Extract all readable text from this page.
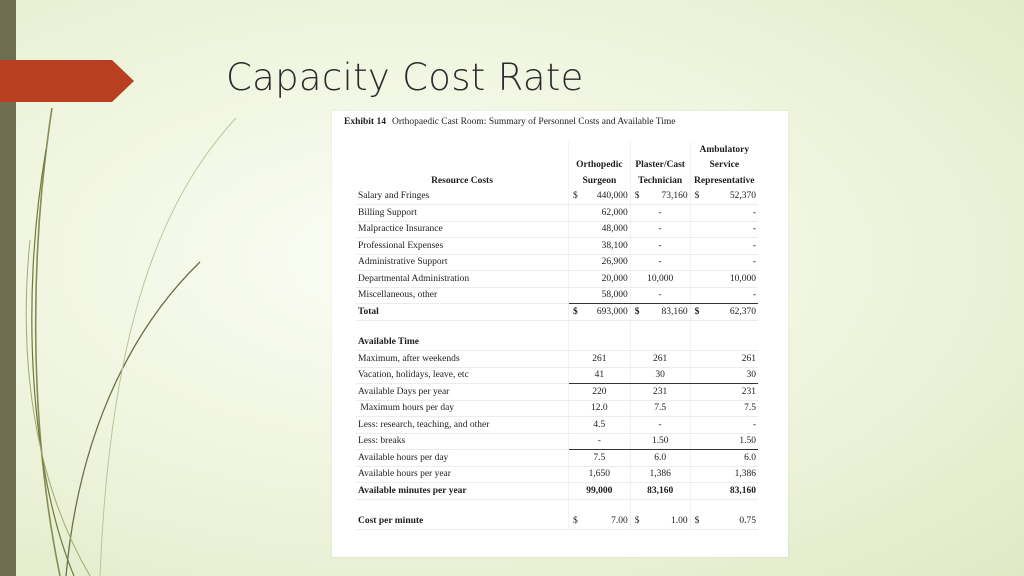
Capacity Cost Rate
Exhibit 14 Orthopaedic Cast Room: Summary of Personnel Costs and Available Time
			Ambulatory
	Orthopedic	Plaster/Cast	Service
Resource Costs	Surgeon	Technician	Representative
Salary and Fringes	$ 440,000	$ 73,160	$ 52,370
Billing Support	62,000	-	-
Malpractice Insurance	48,000	-	-
Professional Expenses	38,100	-	-
Administrative Support	26,900	-	-
Departmental Administration	20,000	10,000	10,000
Miscellaneous, other	58,000	-	-
Total	$ 693,000	$ 83,160	$ 62,370

Available Time			
Maximum, after weekends	261	261	261
Vacation, holidays, leave, etc	41	30	30
Available Days per year	220	231	231
Maximum hours per day	12.0	7.5	7.5
Less: research, teaching, and other	4.5	-	-
Less: breaks	-	1.50	1.50
Available hours per day	7.5	6.0	6.0
Available hours per year	1,650	1,386	1,386
Available minutes per year	99,000	83,160	83,160

Cost per minute	$ 7.00	$ 1.00	$ 0.75
